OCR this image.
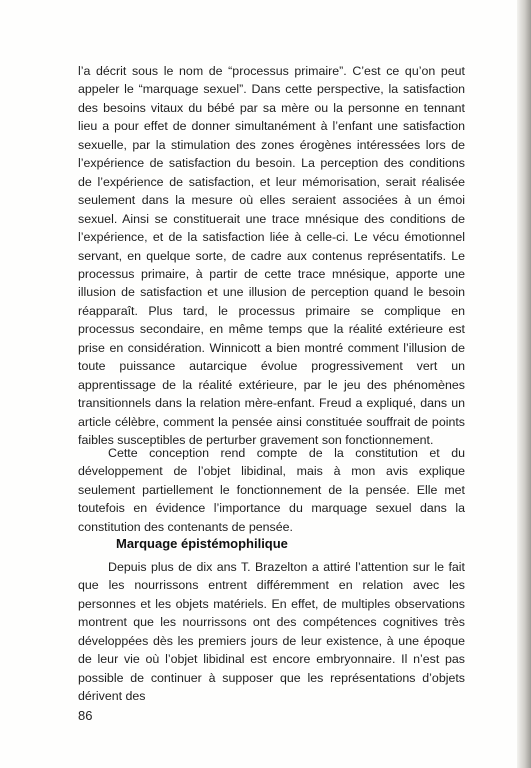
l’a décrit sous le nom de “processus primaire”. C’est ce qu’on peut appeler le “marquage sexuel”. Dans cette perspective, la satisfaction des besoins vitaux du bébé par sa mère ou la personne en tennant lieu a pour effet de donner simultanément à l’enfant une satisfaction sexuelle, par la stimulation des zones érogènes intéressées lors de l’expérience de satisfaction du besoin. La perception des conditions de l’expérience de satisfaction, et leur mémorisation, serait réalisée seulement dans la mesure où elles seraient associées à un émoi sexuel. Ainsi se constituerait une trace mnésique des conditions de l’expérience, et de la satisfaction liée à celle-ci. Le vécu émotionnel servant, en quelque sorte, de cadre aux contenus représentatifs. Le processus primaire, à partir de cette trace mnésique, apporte une illusion de satisfaction et une illusion de perception quand le besoin réapparaît. Plus tard, le processus primaire se complique en processus secondaire, en même temps que la réalité extérieure est prise en considération. Winnicott a bien montré comment l’illusion de toute puissance autarcique évolue progressivement vert un apprentissage de la réalité extérieure, par le jeu des phénomènes transitionnels dans la relation mère-enfant. Freud a expliqué, dans un article célèbre, comment la pensée ainsi constituée souffrait de points faibles susceptibles de perturber gravement son fonctionnement.

Cette conception rend compte de la constitution et du développement de l’objet libidinal, mais à mon avis explique seulement partiellement le fonctionnement de la pensée. Elle met toutefois en évidence l’importance du marquage sexuel dans la constitution des contenants de pensée.

Marquage épistémophilique

Depuis plus de dix ans T. Brazelton a attiré l’attention sur le fait que les nourrissons entrent différemment en relation avec les personnes et les objets matériels. En effet, de multiples observations montrent que les nourrissons ont des compétences cognitives très développées dès les premiers jours de leur existence, à une époque de leur vie où l’objet libidinal est encore embryonnaire. Il n’est pas possible de continuer à supposer que les représentations d’objets dérivent des

86
